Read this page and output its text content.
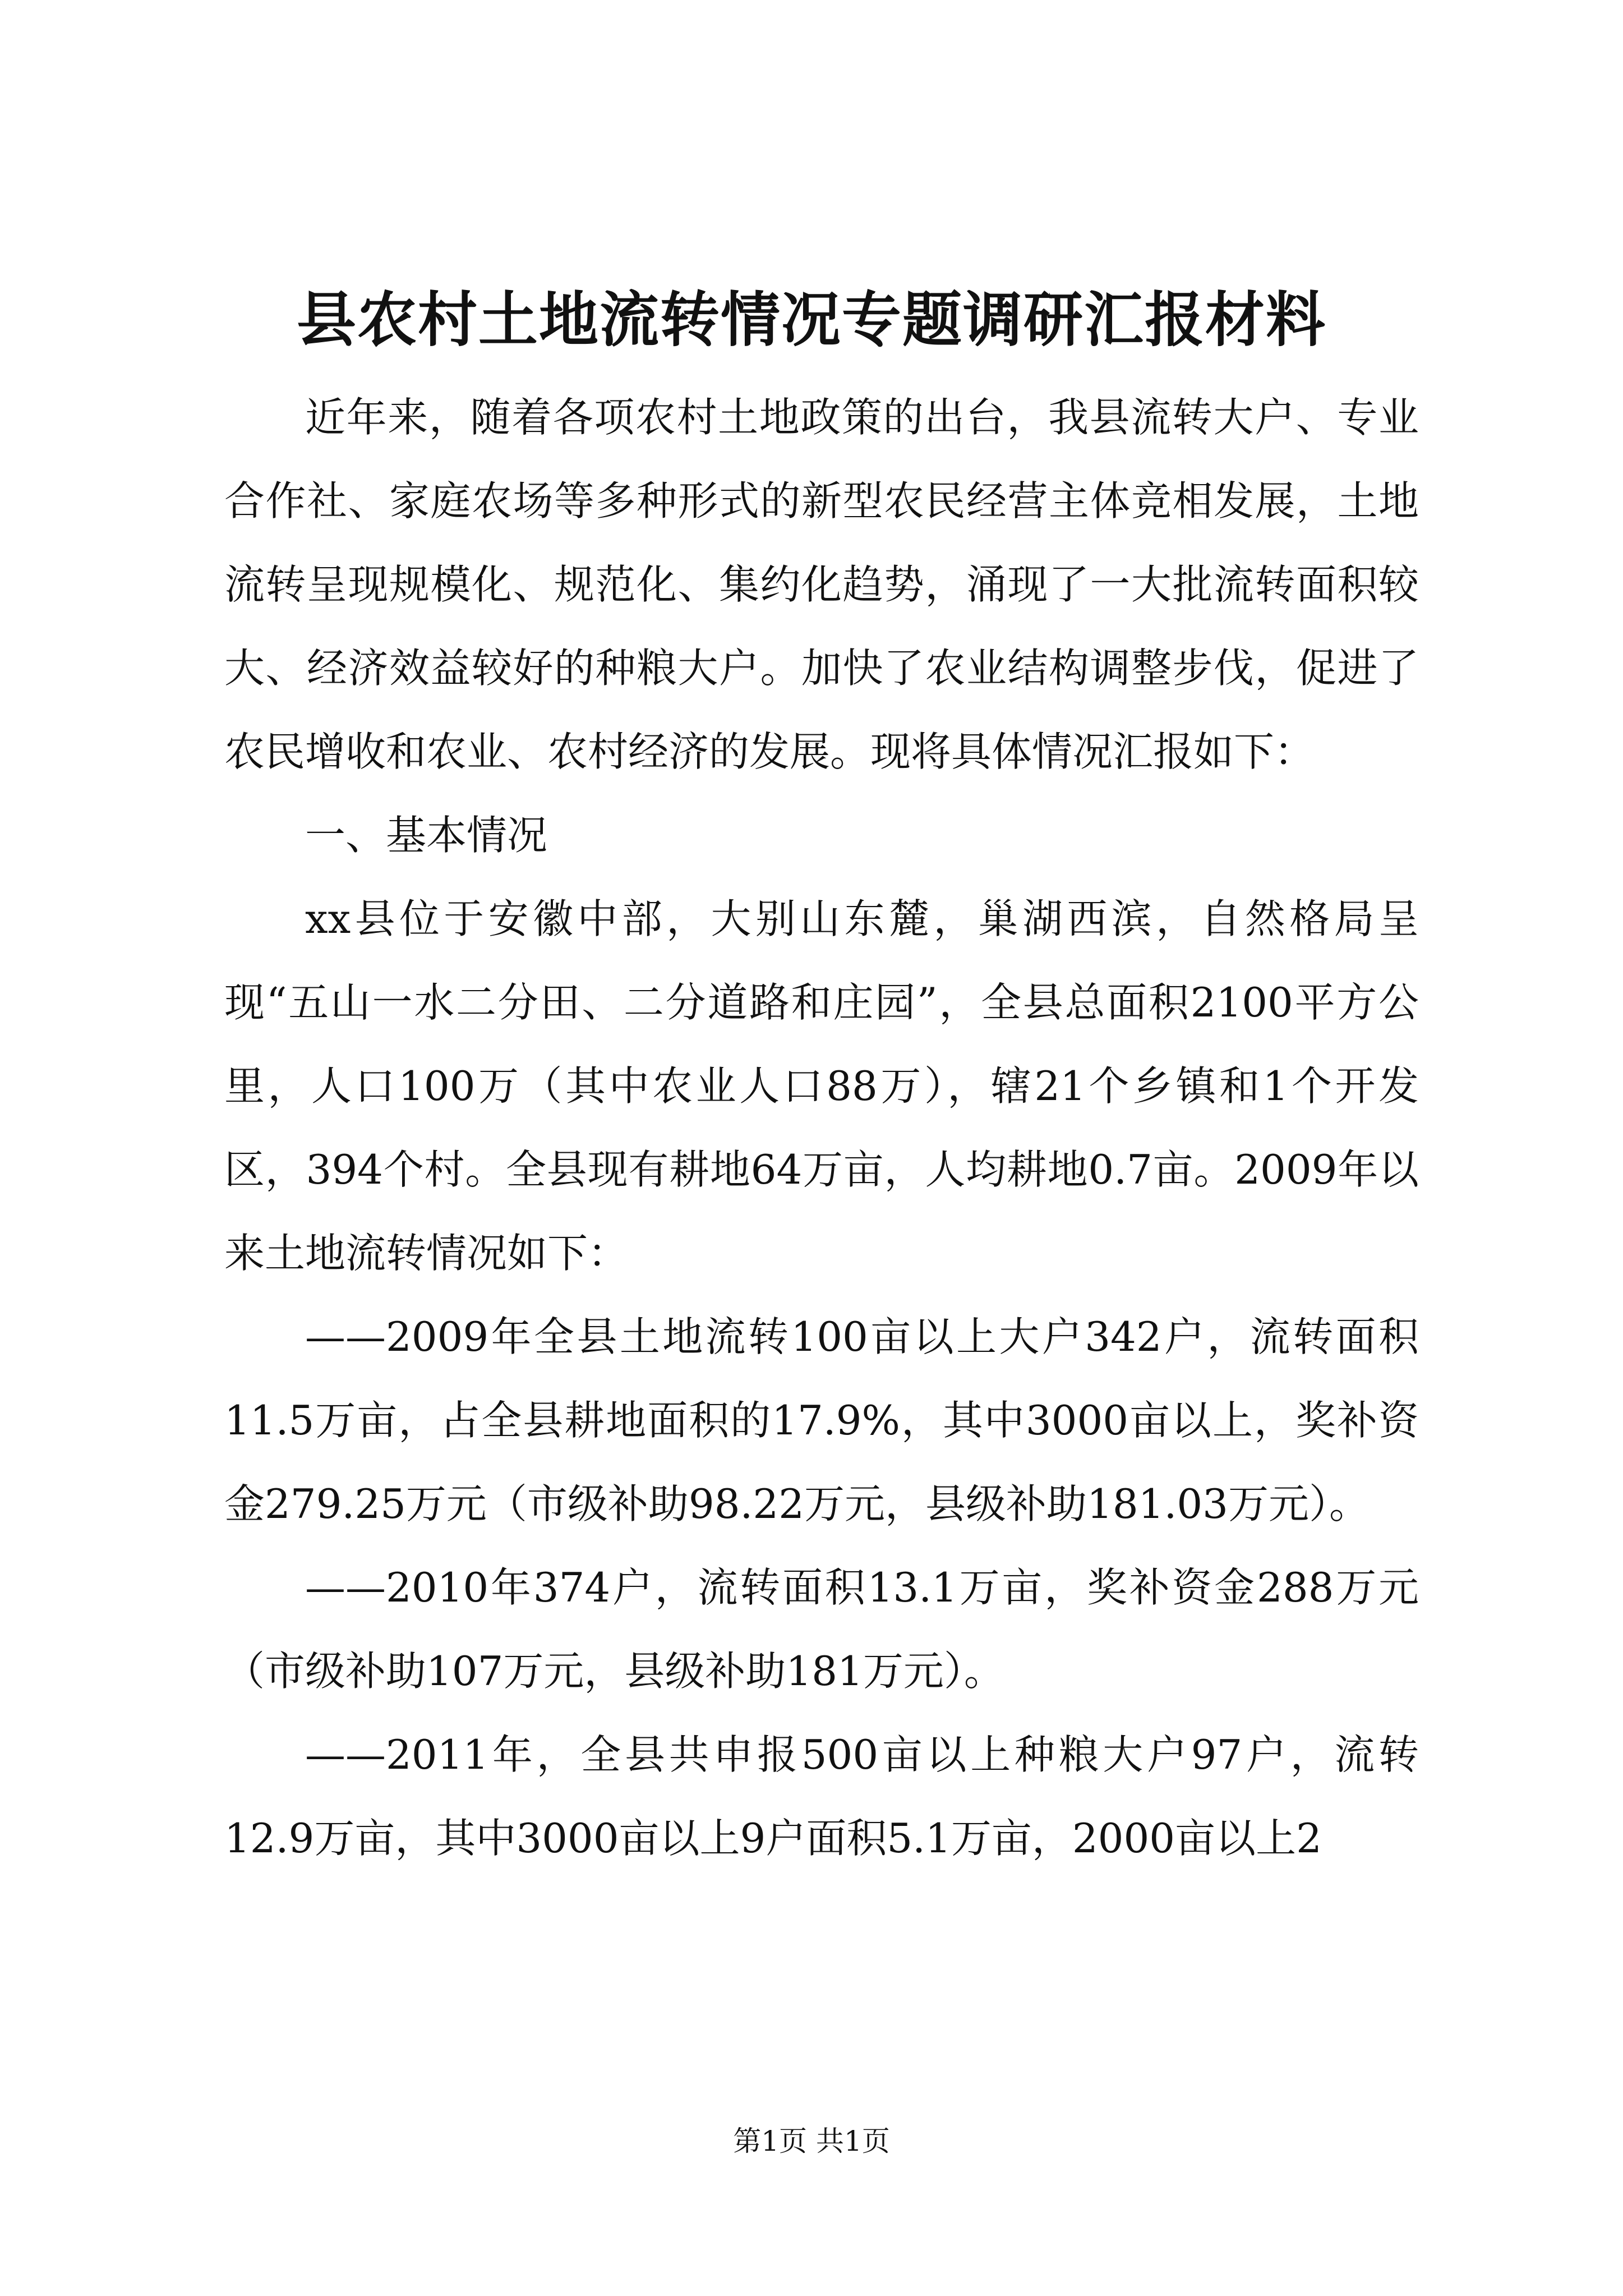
县农村土地流转情况专题调研汇报材料

近年来，随着各项农村土地政策的出台，我县流转大户、专业合作社、家庭农场等多种形式的新型农民经营主体竞相发展，土地流转呈现规模化、规范化、集约化趋势，涌现了一大批流转面积较大、经济效益较好的种粮大户。加快了农业结构调整步伐，促进了农民增收和农业、农村经济的发展。现将具体情况汇报如下：

一、基本情况

xx县位于安徽中部，大别山东麓，巢湖西滨，自然格局呈现“五山一水二分田、二分道路和庄园”，全县总面积2100平方公里，人口100万（其中农业人口88万），辖21个乡镇和1个开发区，394个村。全县现有耕地64万亩，人均耕地0.7亩。2009年以来土地流转情况如下：

——2009年全县土地流转100亩以上大户342户，流转面积11.5万亩，占全县耕地面积的17.9%，其中3000亩以上，奖补资金279.25万元（市级补助98.22万元，县级补助181.03万元）。

——2010年374户，流转面积13.1万亩，奖补资金288万元（市级补助107万元，县级补助181万元）。

——2011年，全县共申报500亩以上种粮大户97户，流转12.9万亩，其中3000亩以上9户面积5.1万亩，2000亩以上2

第1页 共1页
